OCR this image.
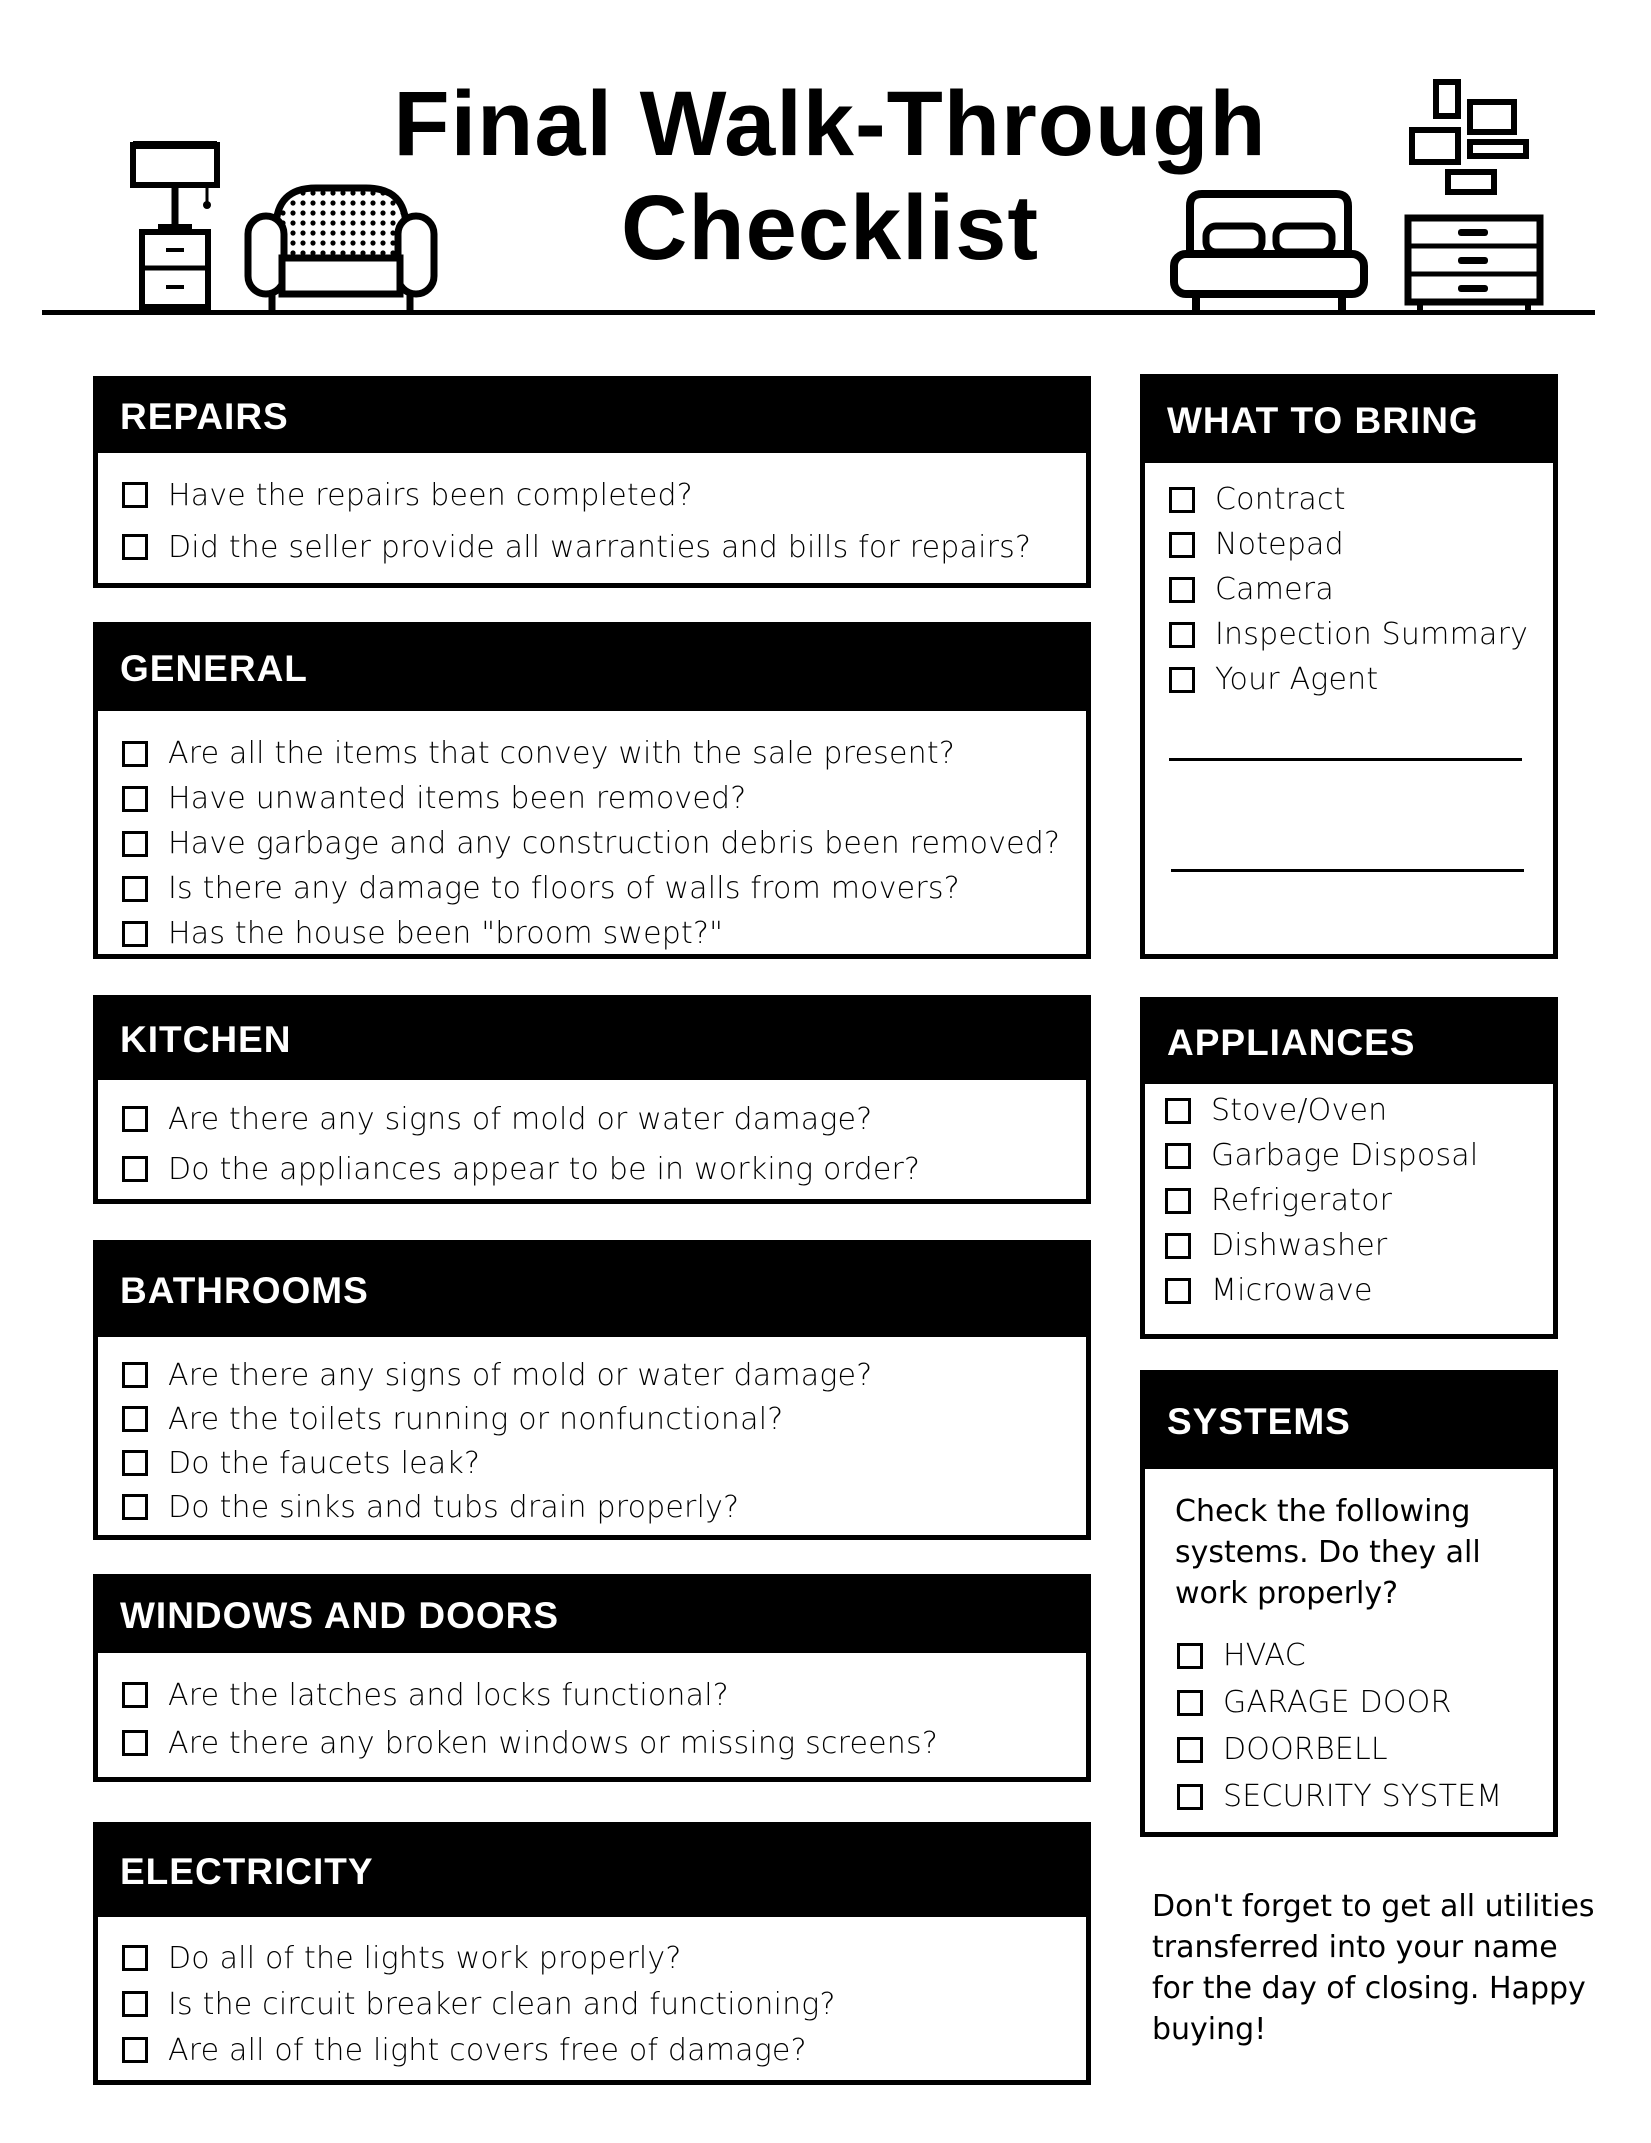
Final Walk-Through
Checklist
REPAIRS
Have the repairs been completed?
Did the seller provide all warranties and bills for repairs?
GENERAL
Are all the items that convey with the sale present?
Have unwanted items been removed?
Have garbage and any construction debris been removed?
Is there any damage to floors of walls from movers?
Has the house been "broom swept?"
KITCHEN
Are there any signs of mold or water damage?
Do the appliances appear to be in working order?
BATHROOMS
Are there any signs of mold or water damage?
Are the toilets running or nonfunctional?
Do the faucets leak?
Do the sinks and tubs drain properly?
WINDOWS AND DOORS
Are the latches and locks functional?
Are there any broken windows or missing screens?
ELECTRICITY
Do all of the lights work properly?
Is the circuit breaker clean and functioning?
Are all of the light covers free of damage?
WHAT TO BRING
Contract
Notepad
Camera
Inspection Summary
Your Agent
APPLIANCES
Stove/Oven
Garbage Disposal
Refrigerator
Dishwasher
Microwave
SYSTEMS
Check the following
systems. Do they all
work properly?
HVAC
GARAGE DOOR
DOORBELL
SECURITY SYSTEM
Don't forget to get all utilities
transferred into your name
for the day of closing. Happy
buying!
